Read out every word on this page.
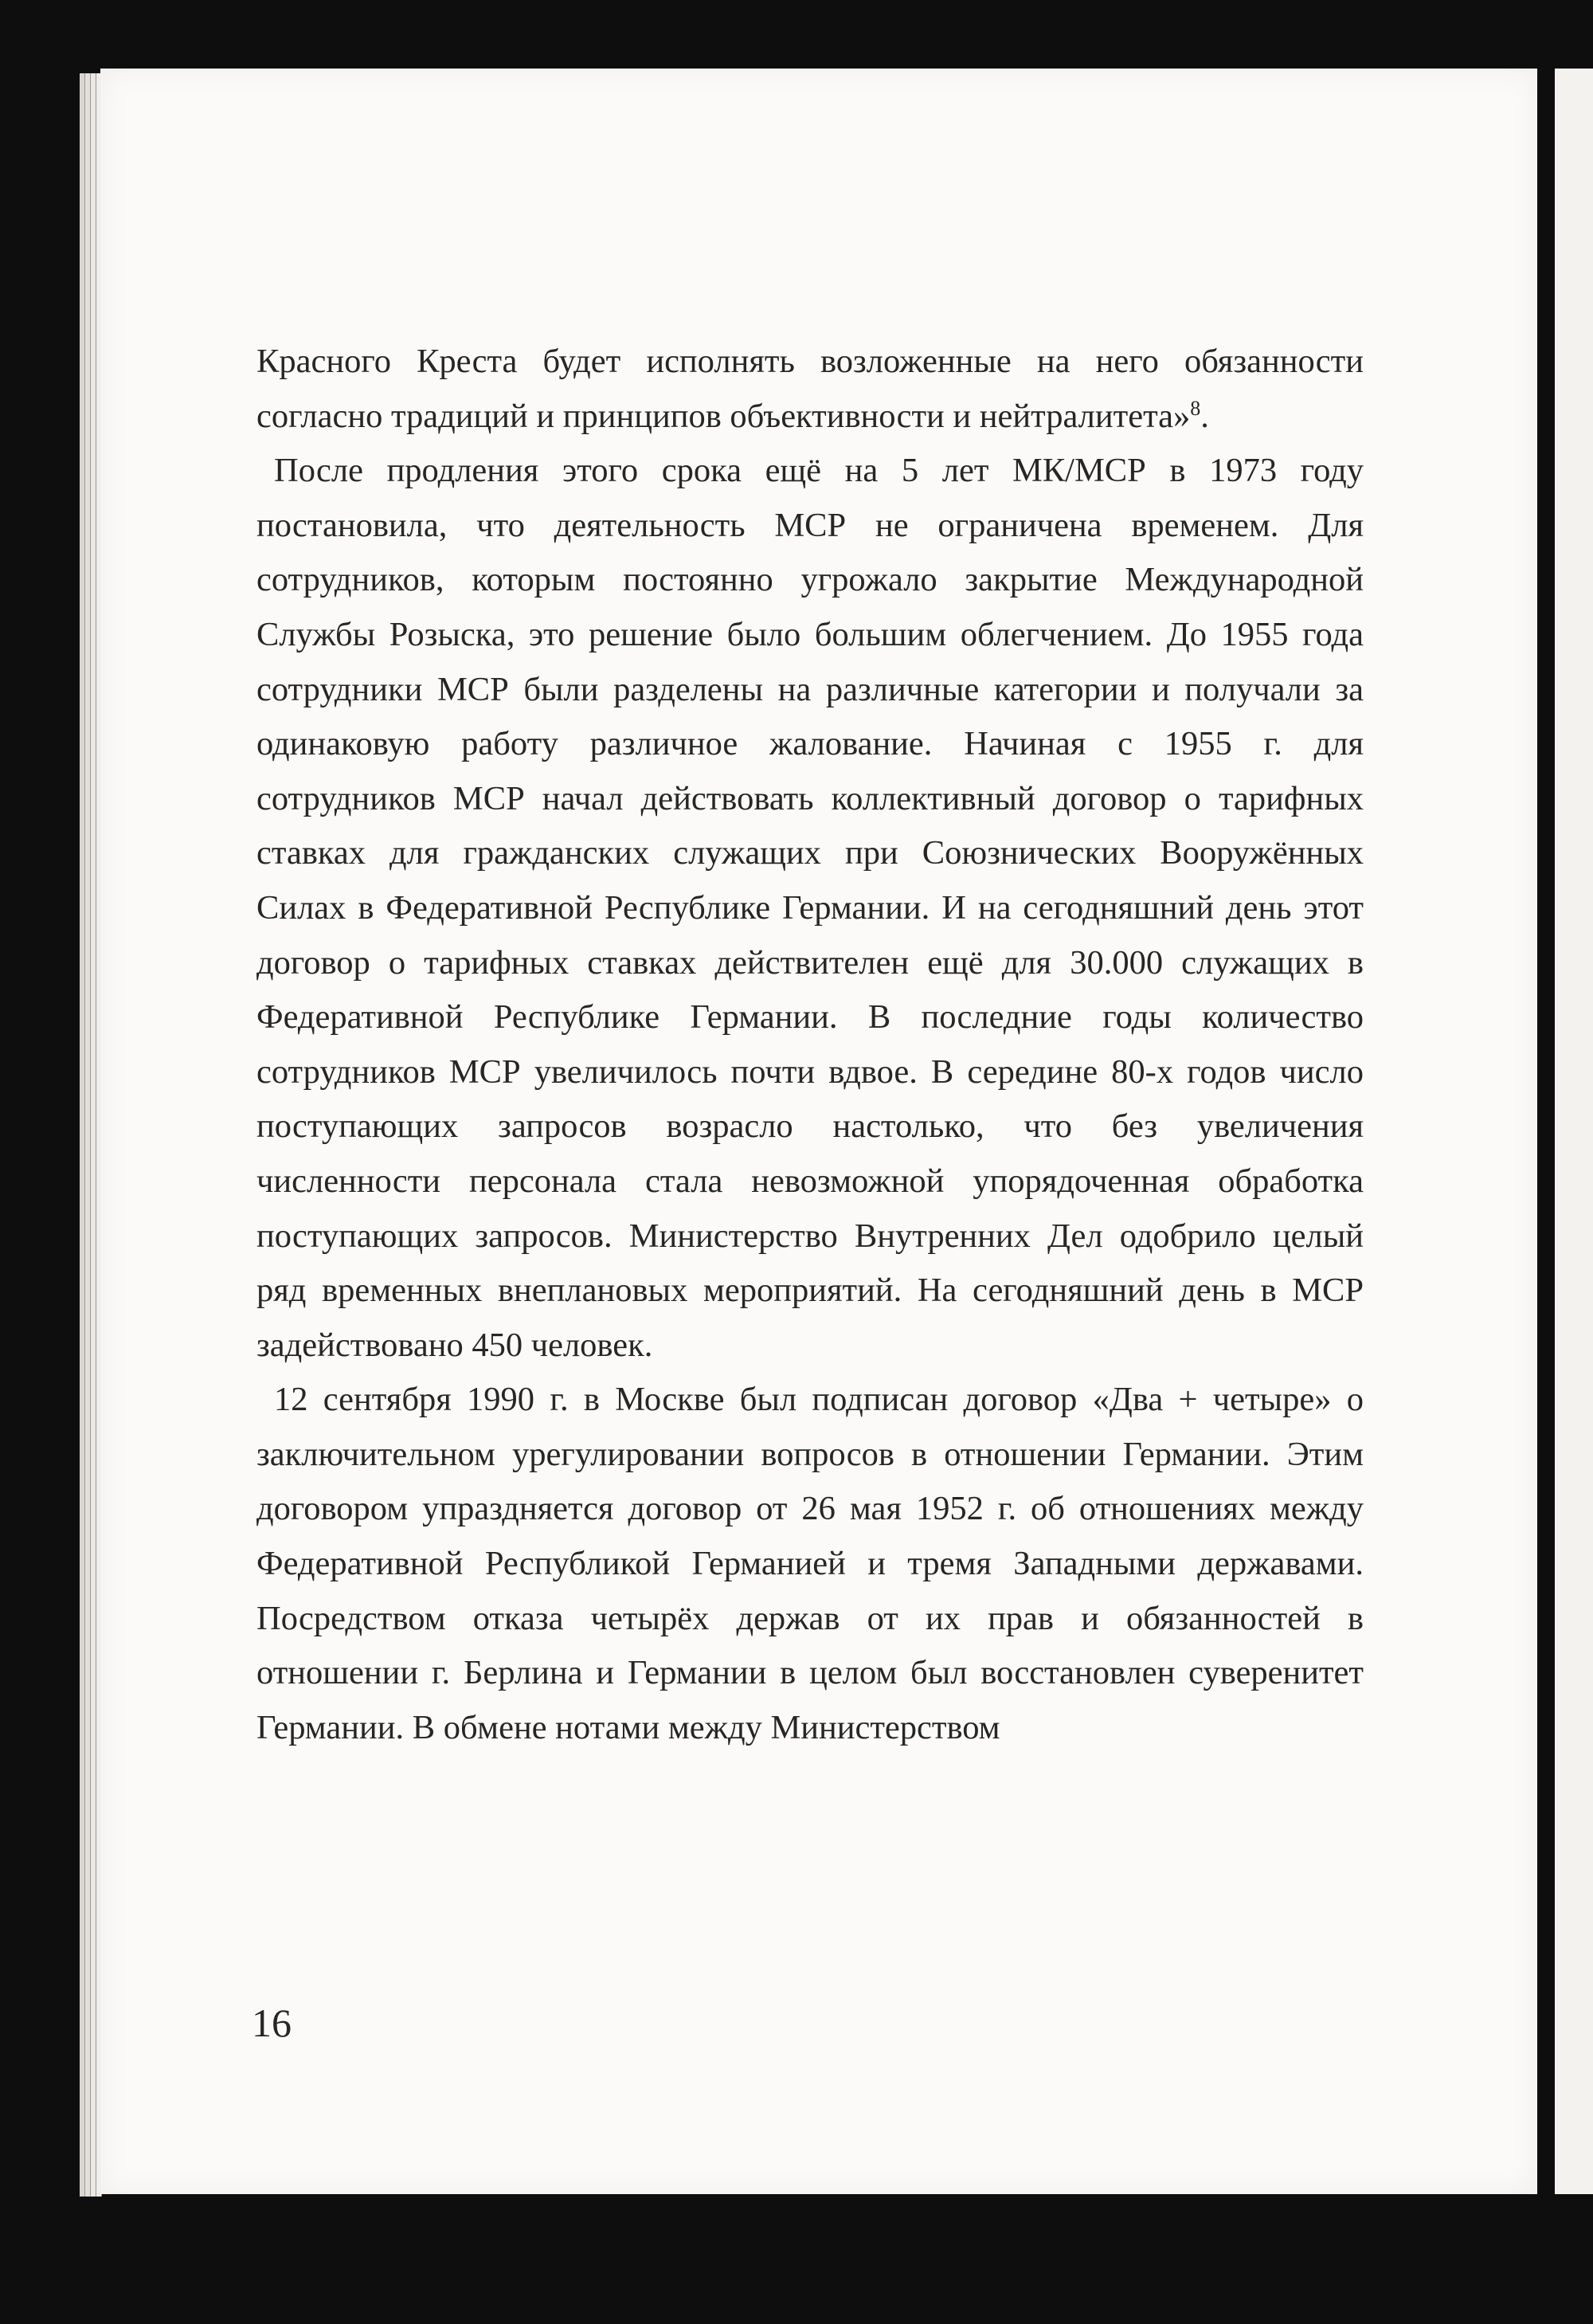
Красного Креста будет исполнять возложенные на него обязанности согласно традиций и принципов объективности и нейтралитета»$^8$.

После продления этого срока ещё на 5 лет МК/МСР в 1973 году постановила, что деятельность МСР не ограничена временем. Для сотрудников, которым постоянно угрожало закрытие Международной Службы Розыска, это решение было большим облегчением. До 1955 года сотрудники МСР были разделены на различные категории и получали за одинаковую работу различное жалование. Начиная с 1955 г. для сотрудников МСР начал действовать коллективный договор о тарифных ставках для гражданских служащих при Союзнических Вооружённых Силах в Федеративной Республике Германии. И на сегодняшний день этот договор о тарифных ставках действителен ещё для 30.000 служащих в Федеративной Республике Германии. В последние годы количество сотрудников МСР увеличилось почти вдвое. В середине 80-х годов число поступающих запросов возрасло настолько, что без увеличения численности персонала стала невозможной упорядоченная обработка поступающих запросов. Министерство Внутренних Дел одобрило целый ряд временных внеплановых мероприятий. На сегодняшний день в МСР задействовано 450 человек.

12 сентября 1990 г. в Москве был подписан договор «Два + четыре» о заключительном урегулировании вопросов в отношении Германии. Этим договором упраздняется договор от 26 мая 1952 г. об отношениях между Федеративной Республикой Германией и тремя Западными державами. Посредством отказа четырёх держав от их прав и обязанностей в отношении г. Берлина и Германии в целом был восстановлен суверенитет Германии. В обмене нотами между Министерством

16
